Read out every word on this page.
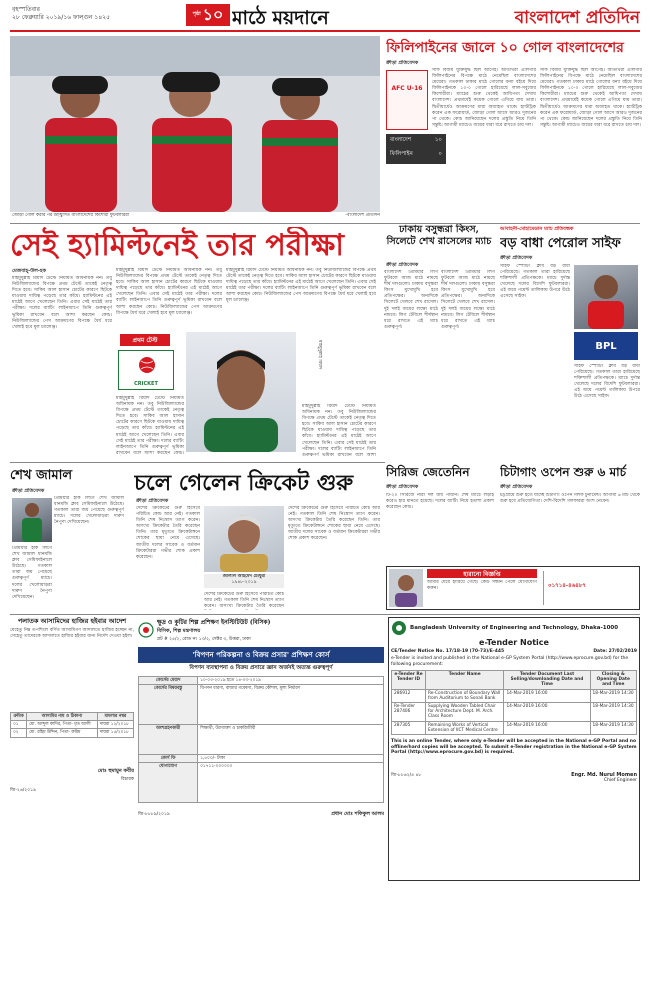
বৃহস্পতিবার
২৮ ফেব্রুয়ারি ২০১৯/১৬ ফাল্গুন ১৪২৫	পৃষ্ঠা ১০ মাঠে ময়দানে	বাংলাদেশ প্রতিদিন
জোড়া গোল করার পর উচ্ছ্বসিত বাংলাদেশের কিশোরী ফুটবলাররা	-বাংলাদেশ প্রতিদিন
ফিলিপাইনের জালে ১০ গোল বাংলাদেশের
ক্রীড়া প্রতিবেদক
AFC U-16
বাংলাদেশ	১০
ফিলিপাইন	০
সাফ বিজয় যুক্তিযুদ্ধ ছিল আগেই। অতিথিরা এলিগার ফিলিপাইনের বিপক্ষে মাঠে নেমেছিল বাংলাদেশের মেয়েরা। গতকাল ঢাকার মাঠে গোলের বন্যা বইয়ে দিয়ে ফিলিপাইনকে ১০-০ গোলে হারিয়েছে লাল-সবুজের কিশোরীরা। ম্যাচের শুরু থেকেই আধিপত্য দেখায় বাংলাদেশ। প্রথমার্ধেই কয়েক গোলে এগিয়ে যায় তারা। দ্বিতীয়ার্ধেও আক্রমণের ধারা অব্যাহত থাকে। হ্যাটট্রিক করেন এক ফরোয়ার্ড, জোড়া গোল আসে আরও দুজনের পা থেকে। কোচ জানিয়েছেন দলের প্রস্তুতি নিয়ে তিনি সন্তুষ্ট। আগামী ম্যাচেও জয়ের ধারা ধরে রাখতে চায় দল।
সাফ বিজয় যুক্তিযুদ্ধ ছিল আগেই। অতিথিরা এলিগার ফিলিপাইনের বিপক্ষে মাঠে নেমেছিল বাংলাদেশের মেয়েরা। গতকাল ঢাকার মাঠে গোলের বন্যা বইয়ে দিয়ে ফিলিপাইনকে ১০-০ গোলে হারিয়েছে লাল-সবুজের কিশোরীরা। ম্যাচের শুরু থেকেই আধিপত্য দেখায় বাংলাদেশ। প্রথমার্ধেই কয়েক গোলে এগিয়ে যায় তারা। দ্বিতীয়ার্ধেও আক্রমণের ধারা অব্যাহত থাকে। হ্যাটট্রিক করেন এক ফরোয়ার্ড, জোড়া গোল আসে আরও দুজনের পা থেকে। কোচ জানিয়েছেন দলের প্রস্তুতি নিয়ে তিনি সন্তুষ্ট। আগামী ম্যাচেও জয়ের ধারা ধরে রাখতে চায় দল।
সেই হ্যামিল্টনেই তার পরীক্ষা
মেজবাহ্-উল-হক
মাহমুদুল্লাহ রিয়াদ টেস্টে নিয়মিত অধিনায়ক নন। তবু নিউজিল্যান্ডের বিপক্ষে প্রথম টেস্টে তাকেই নেতৃত্ব দিতে হবে। সাকিব আল হাসান চোটের কারণে ছিটকে যাওয়ায় দায়িত্ব পড়েছে তার কাঁধে। হ্যামিল্টনের এই মাঠেই আগে খেলেছেন তিনি। এবার সেই মাঠেই তার পরীক্ষা। দলের ব্যাটিং লাইনআপে তিনি গুরুত্বপূর্ণ ভূমিকা রাখবেন বলে আশা করছেন কোচ। নিউজিল্যান্ডের পেস আক্রমণের বিপক্ষে ধৈর্য ধরে খেলাই হবে মূল চ্যালেঞ্জ।
মাহমুদুল্লাহ রিয়াদ টেস্টে নিয়মিত অধিনায়ক নন। তবু নিউজিল্যান্ডের বিপক্ষে প্রথম টেস্টে তাকেই নেতৃত্ব দিতে হবে। সাকিব আল হাসান চোটের কারণে ছিটকে যাওয়ায় দায়িত্ব পড়েছে তার কাঁধে। হ্যামিল্টনের এই মাঠেই আগে খেলেছেন তিনি। এবার সেই মাঠেই তার পরীক্ষা। দলের ব্যাটিং লাইনআপে তিনি গুরুত্বপূর্ণ ভূমিকা রাখবেন বলে আশা করছেন কোচ। নিউজিল্যান্ডের পেস আক্রমণের বিপক্ষে ধৈর্য ধরে খেলাই হবে মূল চ্যালেঞ্জ।
মাহমুদুল্লাহ রিয়াদ টেস্টে নিয়মিত অধিনায়ক নন। তবু নিউজিল্যান্ডের বিপক্ষে প্রথম টেস্টে তাকেই নেতৃত্ব দিতে হবে। সাকিব আল হাসান চোটের কারণে ছিটকে যাওয়ায় দায়িত্ব পড়েছে তার কাঁধে। হ্যামিল্টনের এই মাঠেই আগে খেলেছেন তিনি। এবার সেই মাঠেই তার পরীক্ষা। দলের ব্যাটিং লাইনআপে তিনি গুরুত্বপূর্ণ ভূমিকা রাখবেন বলে আশা করছেন কোচ। নিউজিল্যান্ডের পেস আক্রমণের বিপক্ষে ধৈর্য ধরে খেলাই হবে মূল চ্যালেঞ্জ।
প্রথম টেস্ট
CRICKET
মাহমুদুল্লাহ রিয়াদ
মাহমুদুল্লাহ রিয়াদ টেস্টে নিয়মিত অধিনায়ক নন। তবু নিউজিল্যান্ডের বিপক্ষে প্রথম টেস্টে তাকেই নেতৃত্ব দিতে হবে। সাকিব আল হাসান চোটের কারণে ছিটকে যাওয়ায় দায়িত্ব পড়েছে তার কাঁধে। হ্যামিল্টনের এই মাঠেই আগে খেলেছেন তিনি। এবার সেই মাঠেই তার পরীক্ষা। দলের ব্যাটিং লাইনআপে তিনি গুরুত্বপূর্ণ ভূমিকা রাখবেন বলে আশা করছেন কোচ।
মাহমুদুল্লাহ রিয়াদ টেস্টে নিয়মিত অধিনায়ক নন। তবু নিউজিল্যান্ডের বিপক্ষে প্রথম টেস্টে তাকেই নেতৃত্ব দিতে হবে। সাকিব আল হাসান চোটের কারণে ছিটকে যাওয়ায় দায়িত্ব পড়েছে তার কাঁধে। হ্যামিল্টনের এই মাঠেই আগে খেলেছেন তিনি। এবার সেই মাঠেই তার পরীক্ষা। দলের ব্যাটিং লাইনআপে তিনি গুরুত্বপূর্ণ ভূমিকা রাখবেন বলে আশা
ঢাকায় বসুন্ধরা কিংস, সিলেটে শেখ রাসেলের ম্যাচ
ক্রীড়া প্রতিবেদক
বাংলাদেশ প্রিমিয়ার লিগ ফুটবলে আজ মাঠে নামছে শীর্ষ দলগুলো। ঢাকায় বসুন্ধরা কিংস মুখোমুখি হবে প্রতিপক্ষের। অন্যদিকে সিলেটে খেলবে শেখ রাসেল। দুই দলই জয়ের লক্ষ্যে মাঠে নামবে। লিগ টেবিলে শীর্ষস্থান ধরে রাখতে এই ম্যাচ গুরুত্বপূর্ণ।
বাংলাদেশ প্রিমিয়ার লিগ ফুটবলে আজ মাঠে নামছে শীর্ষ দলগুলো। ঢাকায় বসুন্ধরা কিংস মুখোমুখি হবে প্রতিপক্ষের। অন্যদিকে সিলেটে খেলবে শেখ রাসেল। দুই দলই জয়ের লক্ষ্যে মাঠে নামবে। লিগ টেবিলে শীর্ষস্থান ধরে রাখতে এই ম্যাচ গুরুত্বপূর্ণ।
আবাহনী-মোহামেডান ম্যাচ প্রতিবন্ধক
বড় বাধা পেরোল সাইফ
ক্রীড়া প্রতিবেদক
সাইফ স্পোর্টিং ক্লাব বড় বাধা পেরিয়েছে। গতকাল তারা হারিয়েছে শক্তিশালী প্রতিপক্ষকে। ম্যাচে দুর্দান্ত খেলেছে দলের বিদেশি ফুটবলাররা। এই জয়ে পয়েন্ট তালিকায় উপরে উঠে এসেছে সাইফ।
BPL
সাইফ স্পোর্টিং ক্লাব বড় বাধা পেরিয়েছে। গতকাল তারা হারিয়েছে শক্তিশালী প্রতিপক্ষকে। ম্যাচে দুর্দান্ত খেলেছে দলের বিদেশি ফুটবলাররা। এই জয়ে পয়েন্ট তালিকায় উপরে উঠে এসেছে সাইফ।
শেখ জামাল
ক্রীড়া প্রতিবেদক
প্রিমিয়ার হকি লিগে শেখ জামাল ধানমন্ডি ক্লাব সেমিফাইনালে উঠেছে। গতকাল তারা জয় পেয়েছে গুরুত্বপূর্ণ ম্যাচে। দলের খেলোয়াড়রা দারুণ নৈপুণ্য দেখিয়েছেন।
প্রিমিয়ার হকি লিগে শেখ জামাল ধানমন্ডি ক্লাব সেমিফাইনালে উঠেছে। গতকাল তারা জয় পেয়েছে গুরুত্বপূর্ণ ম্যাচে। দলের খেলোয়াড়রা দারুণ নৈপুণ্য দেখিয়েছেন।
চলে গেলেন ক্রিকেট গুরু
ক্রীড়া প্রতিবেদক
দেশের ক্রিকেটের গুরু হিসেবে পরিচিত কোচ আর নেই। গতকাল তিনি শেষ নিঃশ্বাস ত্যাগ করেন। অসংখ্য ক্রিকেটার তৈরি করেছেন তিনি। তার মৃত্যুতে ক্রিকেটাঙ্গনে শোকের ছায়া নেমে এসেছে। জাতীয় দলের সাবেক ও বর্তমান ক্রিকেটাররা গভীর শোক প্রকাশ করেছেন।
জালাল আহমেদ চৌধুরী
১৯৪৮-২০১৯
দেশের ক্রিকেটের গুরু হিসেবে পরিচিত কোচ আর নেই। গতকাল তিনি শেষ নিঃশ্বাস ত্যাগ করেন। অসংখ্য ক্রিকেটার তৈরি করেছেন তিনি। তার মৃত্যুতে ক্রিকেটাঙ্গনে শোকের ছায়া নেমে এসেছে। জাতীয় দলের সাবেক ও বর্তমান ক্রিকেটাররা গভীর শোক প্রকাশ করেছেন।
দেশের ক্রিকেটের গুরু হিসেবে পরিচিত কোচ আর নেই। গতকাল তিনি শেষ নিঃশ্বাস ত্যাগ করেন। অসংখ্য ক্রিকেটার তৈরি করেছেন
সিরিজ জেতেনিন
ক্রীড়া প্রতিবেদক
টি-২০ সিরিজে নারী দল জয় পায়নি। শেষ ম্যাচে লড়াই করেও হার মানতে হয়েছে। দলের ব্যাটিং নিয়ে হতাশা প্রকাশ করেছেন কোচ।
চিটাগাং ওপেন শুরু ৬ মার্চ
ক্রীড়া প্রতিবেদক
চট্টগ্রামে শুরু হতে যাচ্ছে চিটাগাং ওপেন গলফ টুর্নামেন্ট। আগামী ৬ মার্চ থেকে শুরু হবে প্রতিযোগিতা। দেশি-বিদেশি গলফাররা অংশ নেবেন।
হারানো বিজ্ঞপ্তি
আমার মেয়ে হারিয়ে গেছে। কেউ সন্ধান পেলে যোগাযোগ করুন।	০১৭১৪-৪৬৪৮৭
পলাতক আসামিদের হাজির হইবার আদেশ
যেহেতু নিম্ন তপশিলে বর্ণিত আসামিগণ আদালতে হাজির হচ্ছেন না, সেহেতু তাদেরকে আদালতে হাজির হইবার জন্য নির্দেশ দেওয়া হইল।
ক্রমিক	আসামির নাম ও ঠিকানা	মামলার নম্বর
০১	মো. আব্দুল কাদির, পিতা- মৃত আলী	দায়রা ১২/২০১৮
০২	মো. রহিম উদ্দিন, পিতা- করিম	দায়রা ১৫/২০১৮
মোঃ হুমায়ুন কবীর
বিচারক
জি-২৬/২০১৯
ক্ষুদ্র ও কুটির শিল্প প্রশিক্ষণ ইনস্টিটিউট (বিসিক)
বিসিক, শিল্প মন্ত্রণালয়
প্লট # ২৫/২, রোড নং ১৩/২, সেক্টর ৩, উত্তরা, ঢাকা
'বিপণন পরিকল্পনা ও বিক্রয় প্রসার' প্রশিক্ষণ কোর্স
বিপণন ব্যবস্থাপনা ও বিক্রয় প্রসারে জ্ঞান অর্জনই অত্যন্ত গুরুত্বপূর্ণ
কোর্সের মেয়াদ	১০-০৩-২০১৯ হতে ১৪-০৩-২০১৯
কোর্সের বিষয়বস্তু	বিপণন ধারণা, বাজার গবেষণা, বিক্রয় কৌশল, মূল্য নির্ধারণ
অংশগ্রহণকারী	শিক্ষার্থী, উদ্যোক্তা ও চাকরিজীবী
কোর্স ফি	১,৫০০/- টাকা
যোগাযোগ	০১৭১১-০০০০০০
জি-৮৮৮৯/২০১৯	প্রধান মোঃ শফিকুল আলম
Bangladesh University of Engineering and Technology, Dhaka-1000
e-Tender Notice
CE/Tender Notice No. 17/18-19 (70-73)/E-445	Date: 27/02/2019
e-Tender is invited and published in the National e-GP System Portal (http://www.eprocure.gov.bd) for the following procurement:
e-Tender Re Tender ID	Tender Name	Tender Document Last Selling/downloading Date and Time	Closing & Opening Date and Time
286912	Re-Construction of Boundary Wall from Auditorium to Sonali Bank	14-Mar-2019 16:00	18-Mar-2019 14:30
Re-Tender 287406	Supplying Wooden Tabled Chair for Architecture Dept. M. Arch. Class Room	14-Mar-2019 16:00	18-Mar-2019 14:30
287305	Remaining Works of Vertical Extension of IICT Medical Centre	14-Mar-2019 16:00	18-Mar-2019 14:30
This is an online Tender, where only e-Tender will be accepted in the National e-GP Portal and no offline/hard copies will be accepted. To submit e-Tender registration in the National e-GP System Portal (http://www.eprocure.gov.bd) is required.
জি-৮৮৬২/৪ ৪৮	Engr. Md. Nurul Momen
Chief Engineer
